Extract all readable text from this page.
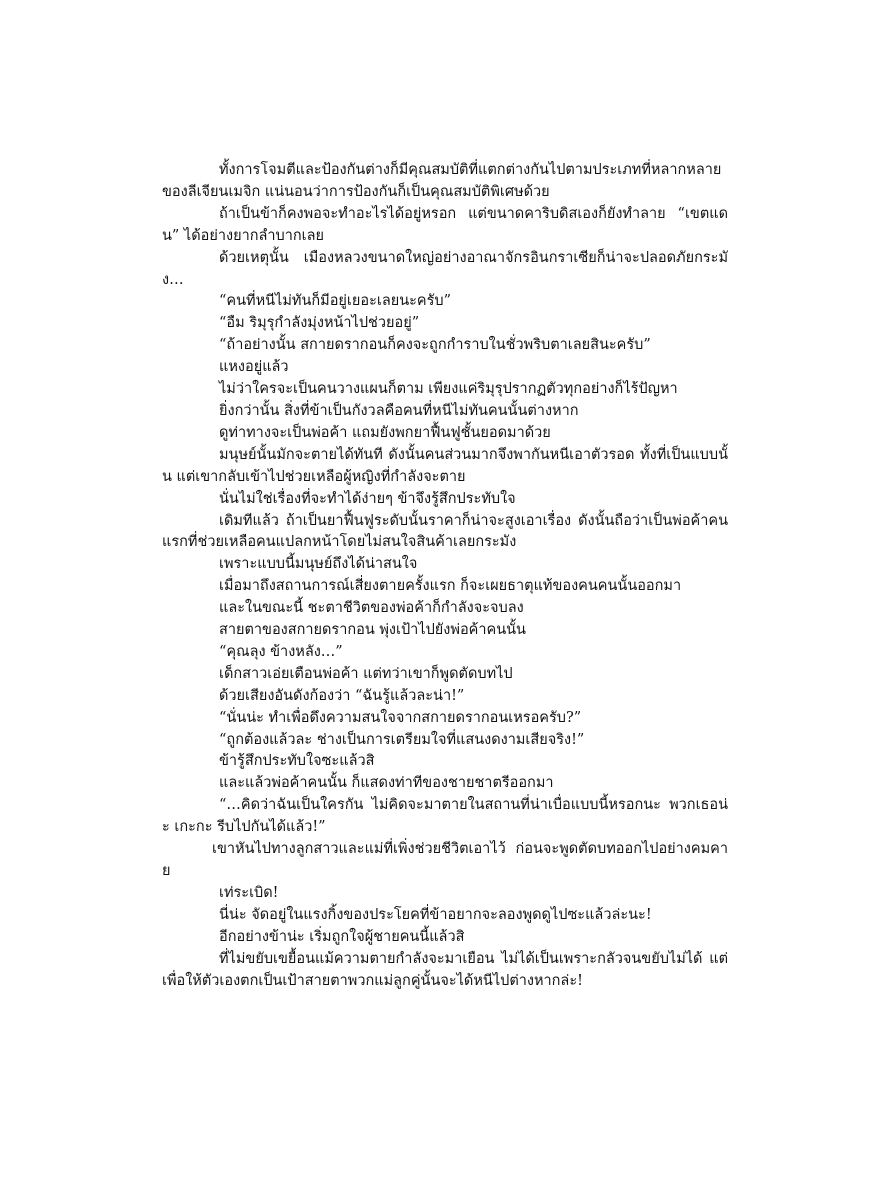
ทั้งการโจมตีและป้องกันต่างก็มีคุณสมบัติที่แตกต่างกันไปตามประเภทที่หลากหลายของลีเจียนเมจิก แน่นอนว่าการป้องกันก็เป็นคุณสมบัติพิเศษด้วย

ถ้าเป็นข้าก็คงพอจะทำอะไรได้อยู่หรอก แต่ขนาดคาริบดิสเองก็ยังทำลาย “เขตแดน” ได้อย่างยากลำบากเลย

ด้วยเหตุนั้น เมืองหลวงขนาดใหญ่อย่างอาณาจักรอินกราเซียก็น่าจะปลอดภัยกระมัง…

“คนที่หนีไม่ทันก็มีอยู่เยอะเลยนะครับ”

“อืม ริมุรุกำลังมุ่งหน้าไปช่วยอยู่”

“ถ้าอย่างนั้น สกายดรากอนก็คงจะถูกกำราบในชั่วพริบตาเลยสินะครับ”

แหงอยู่แล้ว

ไม่ว่าใครจะเป็นคนวางแผนก็ตาม เพียงแค่ริมุรุปรากฏตัวทุกอย่างก็ไร้ปัญหา

ยิ่งกว่านั้น สิ่งที่ข้าเป็นกังวลคือคนที่หนีไม่ทันคนนั้นต่างหาก

ดูท่าทางจะเป็นพ่อค้า แถมยังพกยาฟื้นฟูชั้นยอดมาด้วย

มนุษย์นั้นมักจะตายได้ทันที ดังนั้นคนส่วนมากจึงพากันหนีเอาตัวรอด ทั้งที่เป็นแบบนั้น แต่เขากลับเข้าไปช่วยเหลือผู้หญิงที่กำลังจะตาย

นั่นไม่ใช่เรื่องที่จะทำได้ง่ายๆ ข้าจึงรู้สึกประทับใจ

เดิมทีแล้ว ถ้าเป็นยาฟื้นฟูระดับนั้นราคาก็น่าจะสูงเอาเรื่อง ดังนั้นถือว่าเป็นพ่อค้าคนแรกที่ช่วยเหลือคนแปลกหน้าโดยไม่สนใจสินค้าเลยกระมัง

เพราะแบบนี้มนุษย์ถึงได้น่าสนใจ

เมื่อมาถึงสถานการณ์เสี่ยงตายครั้งแรก ก็จะเผยธาตุแท้ของคนคนนั้นออกมา

และในขณะนี้ ชะตาชีวิตของพ่อค้าก็กำลังจะจบลง

สายตาของสกายดรากอน พุ่งเป้าไปยังพ่อค้าคนนั้น

“คุณลุง ข้างหลัง…”

เด็กสาวเอ่ยเตือนพ่อค้า แต่ทว่าเขาก็พูดตัดบทไป

ด้วยเสียงอันดังก้องว่า “ฉันรู้แล้วละน่า!”

“นั่นน่ะ ทำเพื่อดึงความสนใจจากสกายดรากอนเหรอครับ?”

“ถูกต้องแล้วละ ช่างเป็นการเตรียมใจที่แสนงดงามเสียจริง!”

ข้ารู้สึกประทับใจซะแล้วสิ

และแล้วพ่อค้าคนนั้น ก็แสดงท่าทีของชายชาตรีออกมา

“…คิดว่าฉันเป็นใครกัน ไม่คิดจะมาตายในสถานที่น่าเบื่อแบบนี้หรอกนะ พวกเธอน่ะ เกะกะ รีบไปกันได้แล้ว!”

เขาหันไปทางลูกสาวและแม่ที่เพิ่งช่วยชีวิตเอาไว้ ก่อนจะพูดตัดบทออกไปอย่างคมคาย

เท่ระเบิด!

นี่น่ะ จัดอยู่ในแรงกิ้งของประโยคที่ข้าอยากจะลองพูดดูไปซะแล้วล่ะนะ!

อีกอย่างข้าน่ะ เริ่มถูกใจผู้ชายคนนี้แล้วสิ

ที่ไม่ขยับเขยื้อนแม้ความตายกำลังจะมาเยือน ไม่ได้เป็นเพราะกลัวจนขยับไม่ได้ แต่เพื่อให้ตัวเองตกเป็นเป้าสายตาพวกแม่ลูกคู่นั้นจะได้หนีไปต่างหากล่ะ!
